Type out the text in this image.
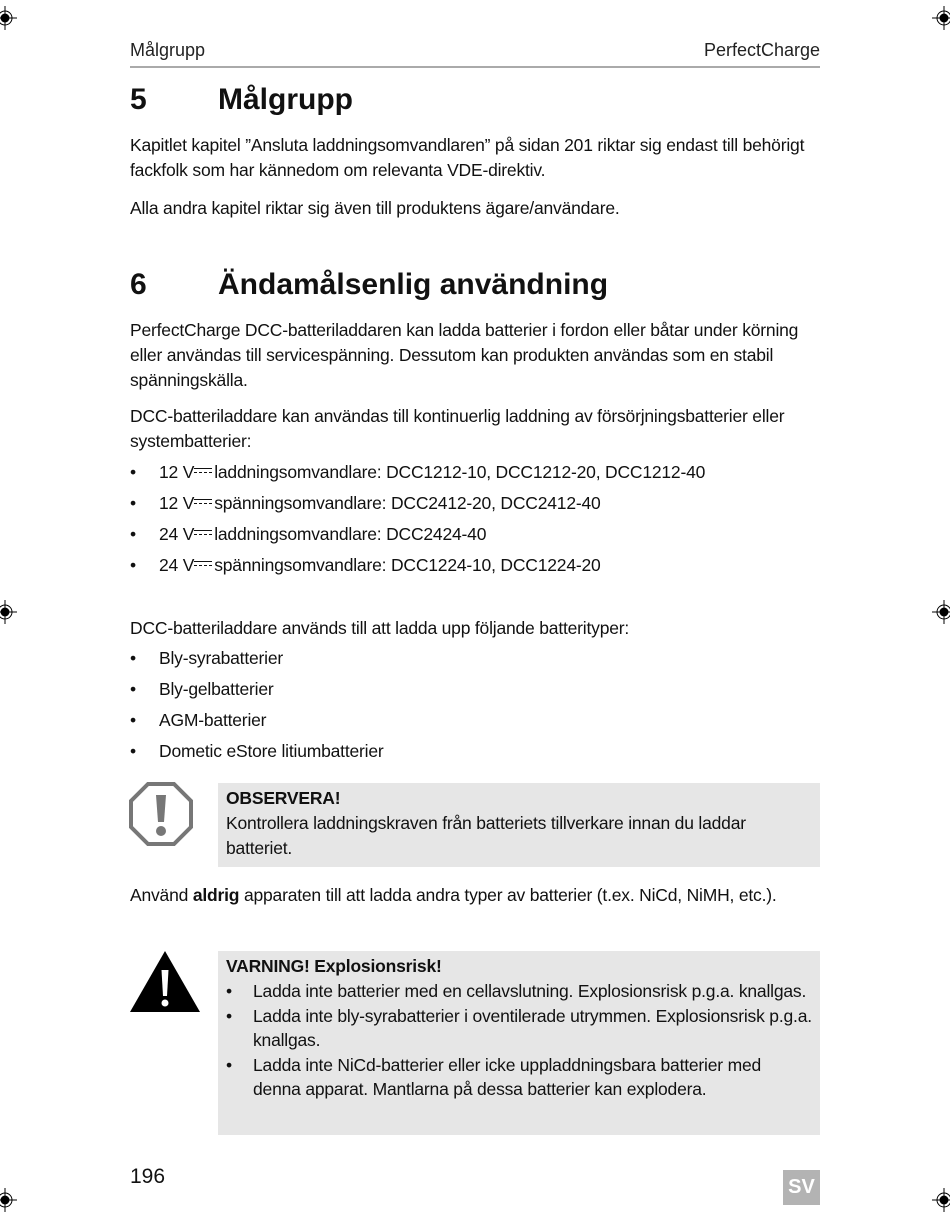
Målgrupp	PerfectCharge
5 Målgrupp
Kapitlet kapitel ”Ansluta laddningsomvandlaren” på sidan 201 riktar sig endast till behörigt fackfolk som har kännedom om relevanta VDE-direktiv.
Alla andra kapitel riktar sig även till produktens ägare/användare.
6 Ändamålsenlig användning
PerfectCharge DCC-batteriladdaren kan ladda batterier i fordon eller båtar under körning eller användas till servicespänning. Dessutom kan produkten användas som en stabil spänningskälla.
DCC-batteriladdare kan användas till kontinuerlig laddning av försörjningsbatterier eller systembatterier:
• 12 V laddningsomvandlare: DCC1212-10, DCC1212-20, DCC1212-40
• 12 V spänningsomvandlare: DCC2412-20, DCC2412-40
• 24 V laddningsomvandlare: DCC2424-40
• 24 V spänningsomvandlare: DCC1224-10, DCC1224-20
DCC-batteriladdare används till att ladda upp följande batterityper:
• Bly-syrabatterier
• Bly-gelbatterier
• AGM-batterier
• Dometic eStore litiumbatterier
OBSERVERA!
Kontrollera laddningskraven från batteriets tillverkare innan du laddar batteriet.
Använd aldrig apparaten till att ladda andra typer av batterier (t.ex. NiCd, NiMH, etc.).
VARNING! Explosionsrisk!
• Ladda inte batterier med en cellavslutning. Explosionsrisk p.g.a. knallgas.
• Ladda inte bly-syrabatterier i oventilerade utrymmen. Explosionsrisk p.g.a. knallgas.
• Ladda inte NiCd-batterier eller icke uppladdningsbara batterier med denna apparat. Mantlarna på dessa batterier kan explodera.
196	SV
